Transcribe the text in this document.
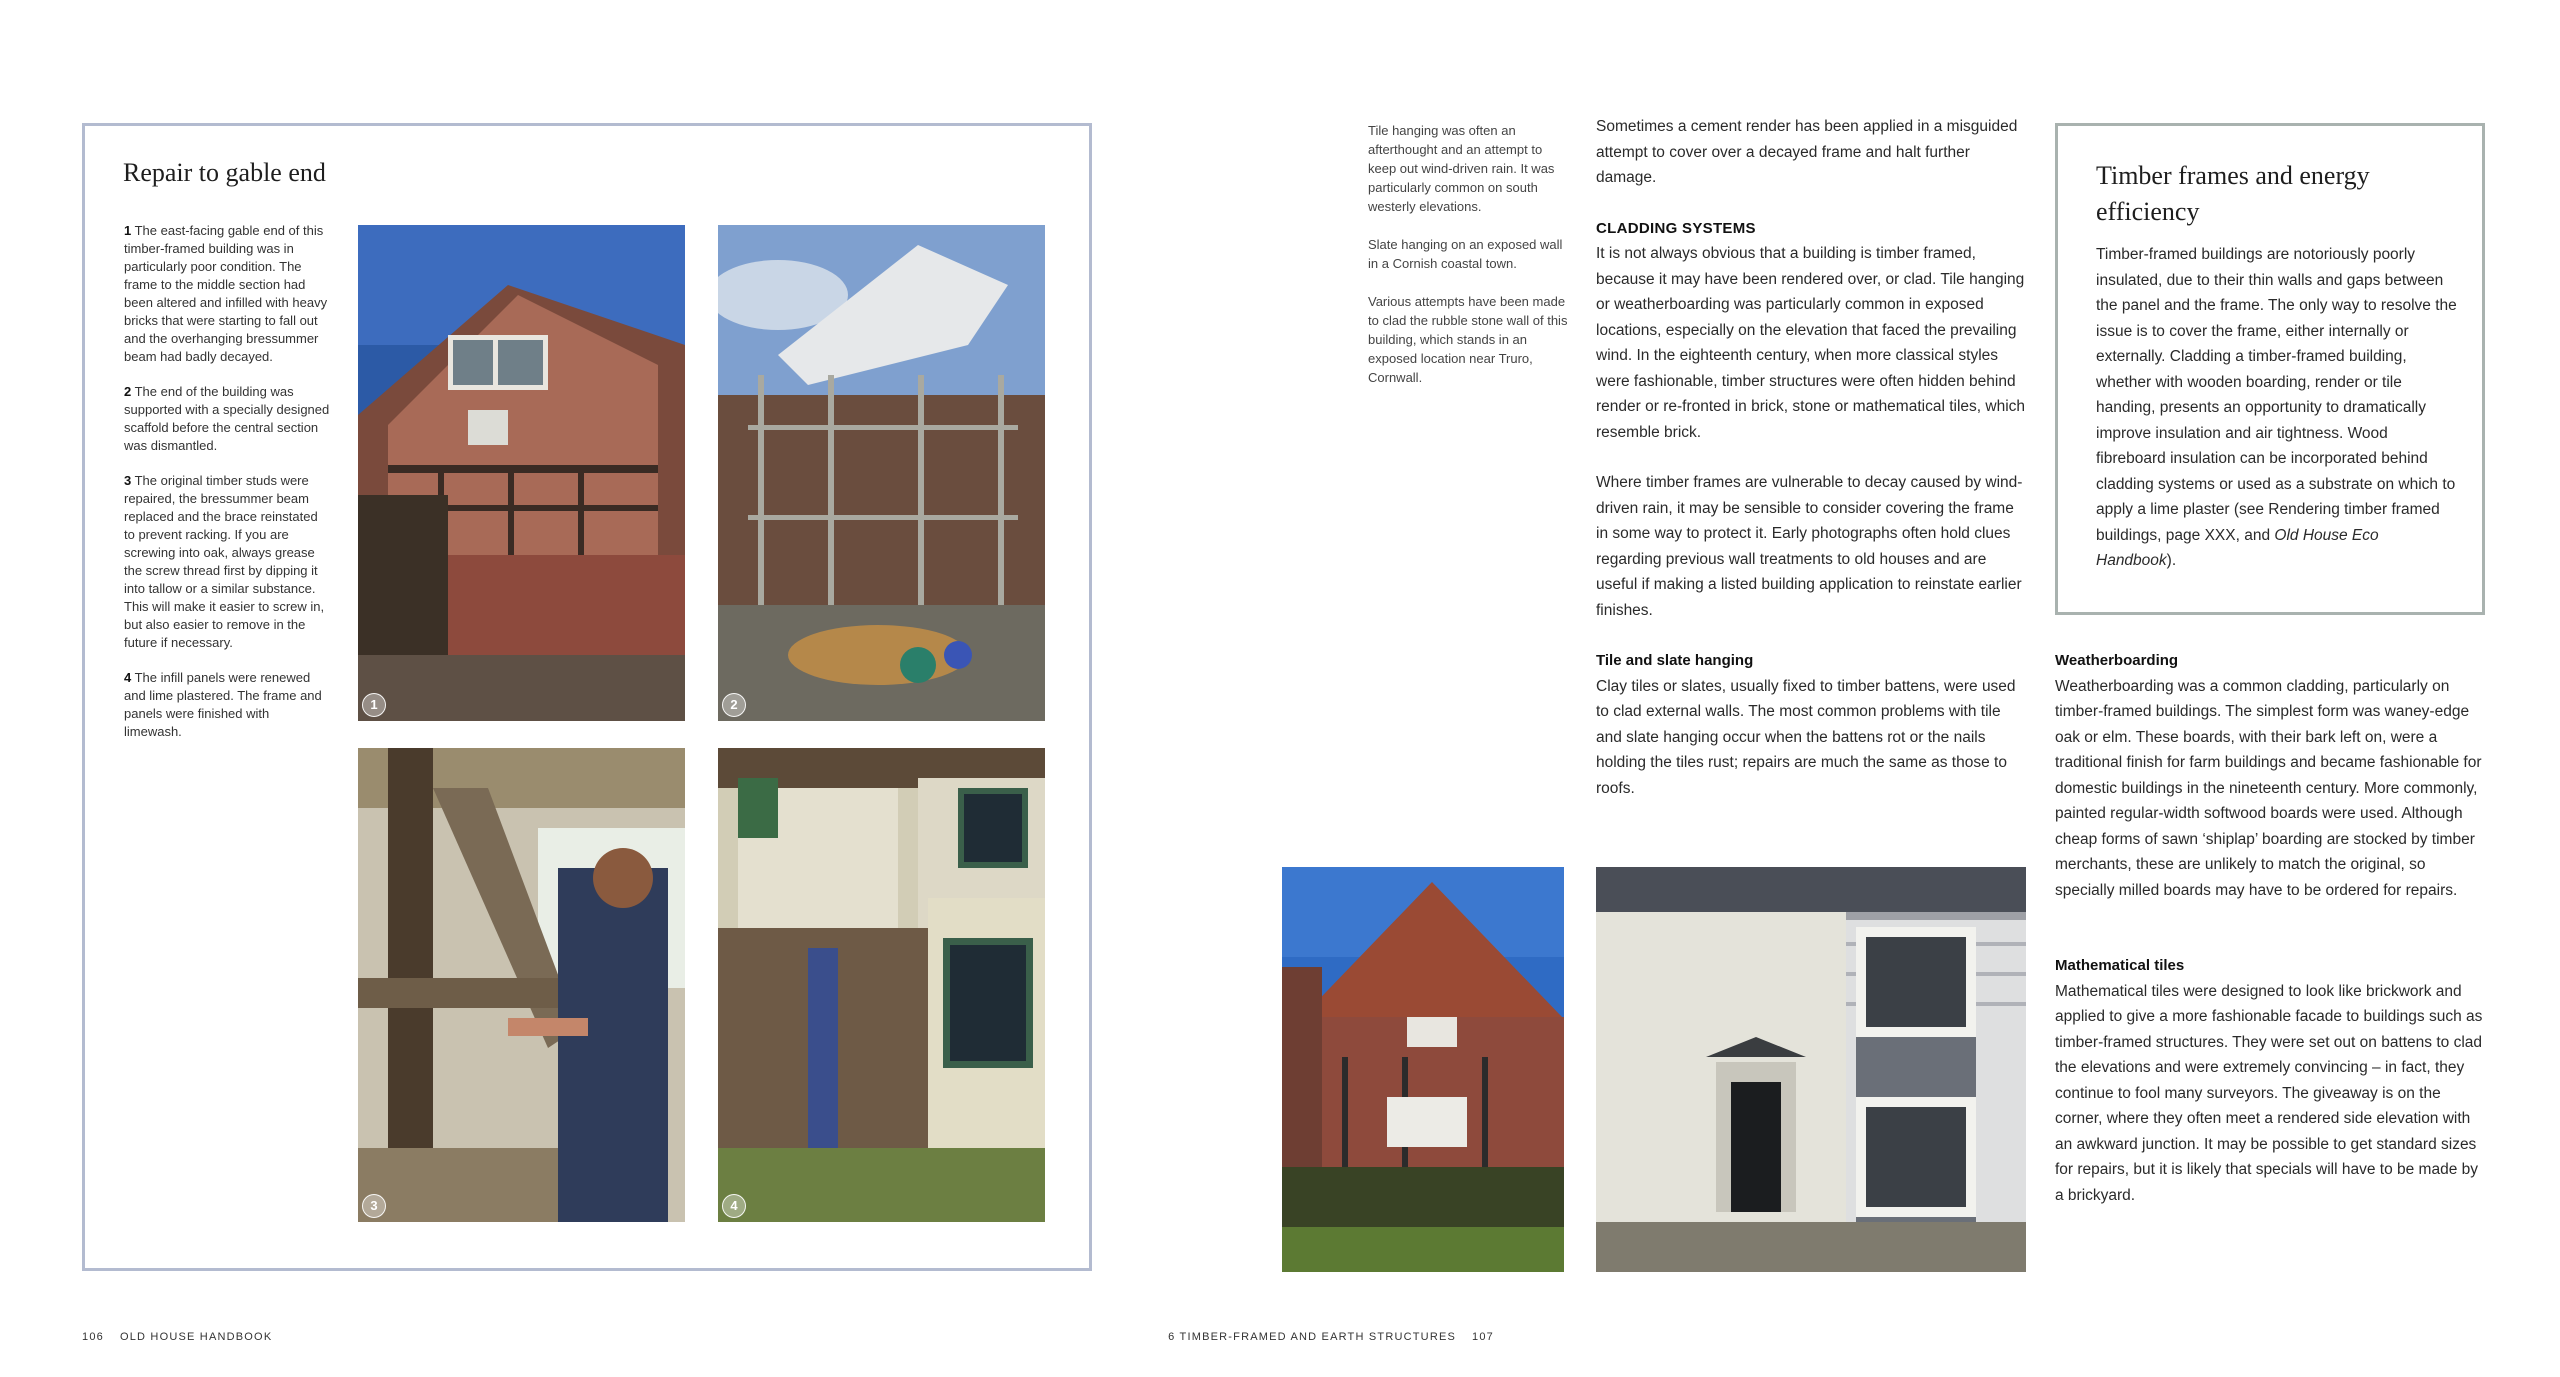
Repair to gable end

1 The east-facing gable end of this timber-framed building was in particularly poor condition. The frame to the middle section had been altered and infilled with heavy bricks that were starting to fall out and the overhanging bressummer beam had badly decayed.

2 The end of the building was supported with a specially designed scaffold before the central section was dismantled.

3 The original timber studs were repaired, the bressummer beam replaced and the brace reinstated to prevent racking. If you are screwing into oak, always grease the screw thread first by dipping it into tallow or a similar substance. This will make it easier to screw in, but also easier to remove in the future if necessary.

4 The infill panels were renewed and lime plastered. The frame and panels were finished with limewash.

1	2
3	4
106 OLD HOUSE HANDBOOK

Tile hanging was often an afterthought and an attempt to keep out wind-driven rain. It was particularly common on south westerly elevations.

Slate hanging on an exposed wall in a Cornish coastal town.

Various attempts have been made to clad the rubble stone wall of this building, which stands in an exposed location near Truro, Cornwall.

Sometimes a cement render has been applied in a misguided attempt to cover over a decayed frame and halt further damage.

CLADDING SYSTEMS

It is not always obvious that a building is timber framed, because it may have been rendered over, or clad. Tile hanging or weatherboarding was particularly common in exposed locations, especially on the elevation that faced the prevailing wind. In the eighteenth century, when more classical styles were fashionable, timber structures were often hidden behind render or re-fronted in brick, stone or mathematical tiles, which resemble brick.

Where timber frames are vulnerable to decay caused by wind-driven rain, it may be sensible to consider covering the frame in some way to protect it. Early photographs often hold clues regarding previous wall treatments to old houses and are useful if making a listed building application to reinstate earlier finishes.

Tile and slate hanging

Clay tiles or slates, usually fixed to timber battens, were used to clad external walls. The most common problems with tile and slate hanging occur when the battens rot or the nails holding the tiles rust; repairs are much the same as those to roofs.

Timber frames and energy efficiency
Timber-framed buildings are notoriously poorly insulated, due to their thin walls and gaps between the panel and the frame. The only way to resolve the issue is to cover the frame, either internally or externally. Cladding a timber-framed building, whether with wooden boarding, render or tile handing, presents an opportunity to dramatically improve insulation and air tightness. Wood fibreboard insulation can be incorporated behind cladding systems or used as a substrate on which to apply a lime plaster (see Rendering timber framed buildings, page XXX, and Old House Eco Handbook).
Weatherboarding

Weatherboarding was a common cladding, particularly on timber-framed buildings. The simplest form was waney-edge oak or elm. These boards, with their bark left on, were a traditional finish for farm buildings and became fashionable for domestic buildings in the nineteenth century. More commonly, painted regular-width softwood boards were used. Although cheap forms of sawn ‘shiplap’ boarding are stocked by timber merchants, these are unlikely to match the original, so specially milled boards may have to be ordered for repairs.

Mathematical tiles

Mathematical tiles were designed to look like brickwork and applied to give a more fashionable facade to buildings such as timber-framed structures. They were set out on battens to clad the elevations and were extremely convincing – in fact, they continue to fool many surveyors. The giveaway is on the corner, where they often meet a rendered side elevation with an awkward junction. It may be possible to get standard sizes for repairs, but it is likely that specials will have to be made by a brickyard.

6 TIMBER-FRAMED AND EARTH STRUCTURES 107
